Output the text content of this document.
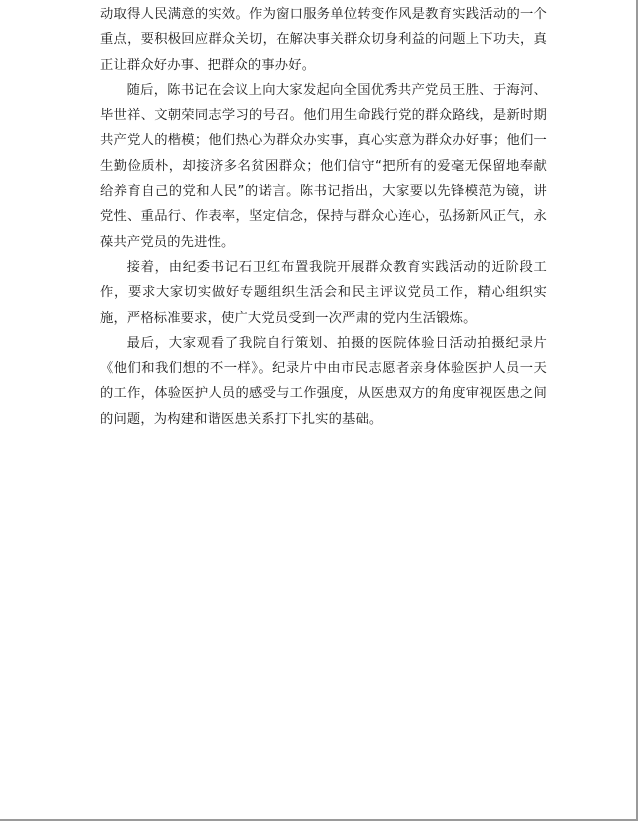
动取得人民满意的实效。作为窗口服务单位转变作风是教育实践活动的一个重点，要积极回应群众关切，在解决事关群众切身利益的问题上下功夫，真正让群众好办事、把群众的事办好。

随后，陈书记在会议上向大家发起向全国优秀共产党员王胜、于海河、毕世祥、文朝荣同志学习的号召。他们用生命践行党的群众路线，是新时期共产党人的楷模；他们热心为群众办实事，真心实意为群众办好事；他们一生勤俭质朴，却接济多名贫困群众；他们信守“把所有的爱毫无保留地奉献给养育自己的党和人民”的诺言。陈书记指出，大家要以先锋模范为镜，讲党性、重品行、作表率，坚定信念，保持与群众心连心，弘扬新风正气，永葆共产党员的先进性。

接着，由纪委书记石卫红布置我院开展群众教育实践活动的近阶段工作，要求大家切实做好专题组织生活会和民主评议党员工作，精心组织实施，严格标准要求，使广大党员受到一次严肃的党内生活锻炼。

最后，大家观看了我院自行策划、拍摄的医院体验日活动拍摄纪录片《他们和我们想的不一样》。纪录片中由市民志愿者亲身体验医护人员一天的工作，体验医护人员的感受与工作强度，从医患双方的角度审视医患之间的问题，为构建和谐医患关系打下扎实的基础。
